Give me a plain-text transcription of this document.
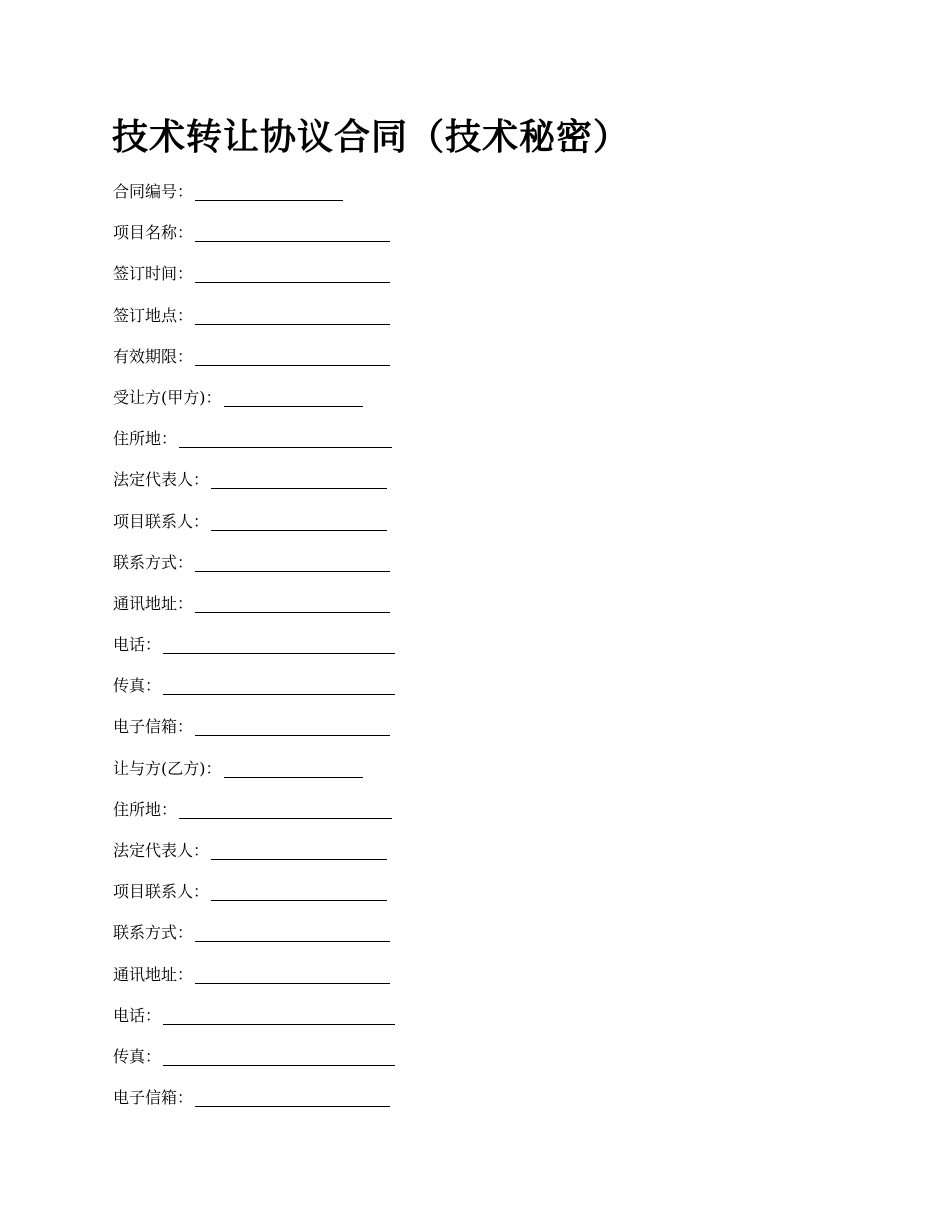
技术转让协议合同（技术秘密）
合同编号：
项目名称：
签订时间：
签订地点：
有效期限：
受让方(甲方)：
住所地：
法定代表人：
项目联系人：
联系方式：
通讯地址：
电话：
传真：
电子信箱：
让与方(乙方)：
住所地：
法定代表人：
项目联系人：
联系方式：
通讯地址：
电话：
传真：
电子信箱：
